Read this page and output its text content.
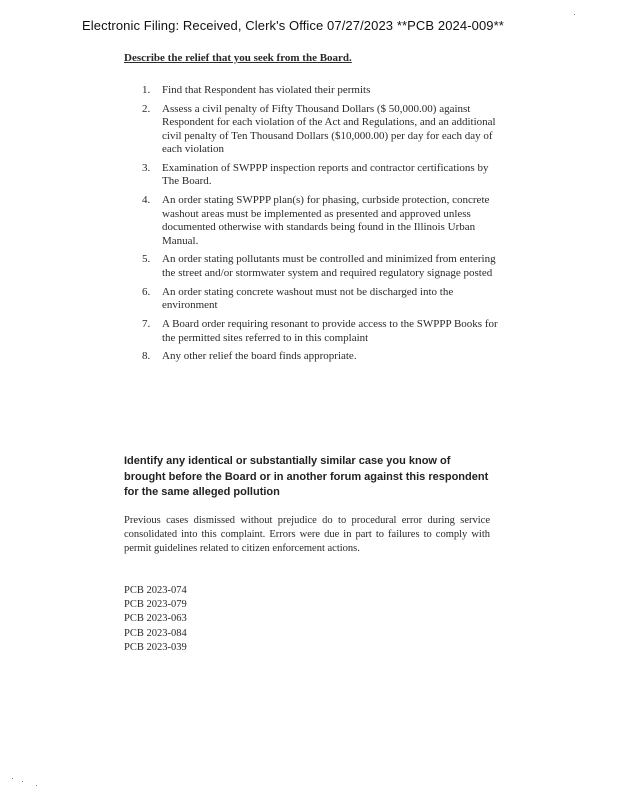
Electronic Filing: Received, Clerk's Office 07/27/2023 **PCB 2024-009**
Describe the relief that you seek from the Board.
1. Find that Respondent has violated their permits
2. Assess a civil penalty of Fifty Thousand Dollars ($ 50,000.00) against Respondent for each violation of the Act and Regulations, and an additional civil penalty of Ten Thousand Dollars ($10,000.00) per day for each day of each violation
3. Examination of SWPPP inspection reports and contractor certifications by The Board.
4. An order stating SWPPP plan(s) for phasing, curbside protection, concrete washout areas must be implemented as presented and approved unless documented otherwise with standards being found in the Illinois Urban Manual.
5. An order stating pollutants must be controlled and minimized from entering the street and/or stormwater system and required regulatory signage posted
6. An order stating concrete washout must not be discharged into the environment
7. A Board order requiring resonant to provide access to the SWPPP Books for the permitted sites referred to in this complaint
8. Any other relief the board finds appropriate.
Identify any identical or substantially similar case you know of brought before the Board or in another forum against this respondent for the same alleged pollution
Previous cases dismissed without prejudice do to procedural error during service consolidated into this complaint. Errors were due in part to failures to comply with permit guidelines related to citizen enforcement actions.
PCB 2023-074
PCB 2023-079
PCB 2023-063
PCB 2023-084
PCB 2023-039
